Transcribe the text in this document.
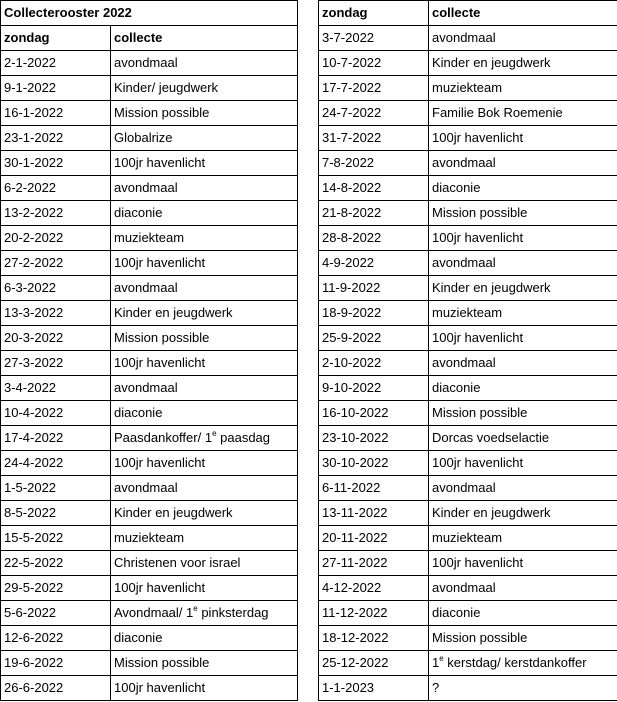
Collecterooster 2022	
zondag	collecte
2-1-2022	avondmaal
9-1-2022	Kinder/ jeugdwerk
16-1-2022	Mission possible
23-1-2022	Globalrize
30-1-2022	100jr havenlicht
6-2-2022	avondmaal
13-2-2022	diaconie
20-2-2022	muziekteam
27-2-2022	100jr havenlicht
6-3-2022	avondmaal
13-3-2022	Kinder en jeugdwerk
20-3-2022	Mission possible
27-3-2022	100jr havenlicht
3-4-2022	avondmaal
10-4-2022	diaconie
17-4-2022	Paasdankoffer/ 1e paasdag
24-4-2022	100jr havenlicht
1-5-2022	avondmaal
8-5-2022	Kinder en jeugdwerk
15-5-2022	muziekteam
22-5-2022	Christenen voor israel
29-5-2022	100jr havenlicht
5-6-2022	Avondmaal/ 1e pinksterdag
12-6-2022	diaconie
19-6-2022	Mission possible
26-6-2022	100jr havenlicht
zondag	collecte
3-7-2022	avondmaal
10-7-2022	Kinder en jeugdwerk
17-7-2022	muziekteam
24-7-2022	Familie Bok Roemenie
31-7-2022	100jr havenlicht
7-8-2022	avondmaal
14-8-2022	diaconie
21-8-2022	Mission possible
28-8-2022	100jr havenlicht
4-9-2022	avondmaal
11-9-2022	Kinder en jeugdwerk
18-9-2022	muziekteam
25-9-2022	100jr havenlicht
2-10-2022	avondmaal
9-10-2022	diaconie
16-10-2022	Mission possible
23-10-2022	Dorcas voedselactie
30-10-2022	100jr havenlicht
6-11-2022	avondmaal
13-11-2022	Kinder en jeugdwerk
20-11-2022	muziekteam
27-11-2022	100jr havenlicht
4-12-2022	avondmaal
11-12-2022	diaconie
18-12-2022	Mission possible
25-12-2022	1e kerstdag/ kerstdankoffer
1-1-2023	?
